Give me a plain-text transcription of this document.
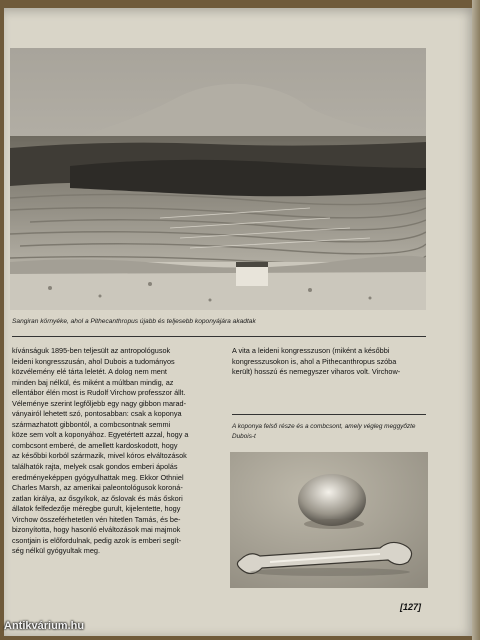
Sangiran környéke, ahol a Pithecanthropus újabb és teljesebb koponyájára akadtak
kívánságuk 1895-ben teljesült az antropológusok
leideni kongresszusán, ahol Dubois a tudományos
közvélemény elé tárta leletét. A dolog nem ment
minden baj nélkül, és miként a múltban mindig, az
ellentábor élén most is Rudolf Virchow professzor állt.
Véleménye szerint legfőljebb egy nagy gibbon marad-
ványairól lehetett szó, pontosabban: csak a koponya
származhatott gibbontól, a combcsontnak semmi
köze sem volt a koponyához. Egyetértett azzal, hogy a
combcsont emberé, de amellett kardoskodott, hogy
az későbbi korból származik, mivel kóros elváltozások
találhatók rajta, melyek csak gondos emberi ápolás
eredményeképpen gyógyulhattak meg. Ekkor Othniel
Charles Marsh, az amerikai paleontológusok koroná-
zatlan királya, az ősgyíkok, az őslovak és más őskori
állatok felfedezője méregbe gurult, kijelentette, hogy
Virchow összeférhetetlen vén hitetlen Tamás, és be-
bizonyította, hogy hasonló elváltozások mai majmok
csontjain is előfordulnak, pedig azok is emberi segít-
ség nélkül gyógyultak meg.
A vita a leideni kongresszuson (miként a későbbi
kongresszusokon is, ahol a Pithecanthropus szóba
került) hosszú és nemegyszer viharos volt. Virchow-
A koponya felső része és a combcsont, amely végleg meggyőzte Dubois-t
[127]
Antikvárium.hu
